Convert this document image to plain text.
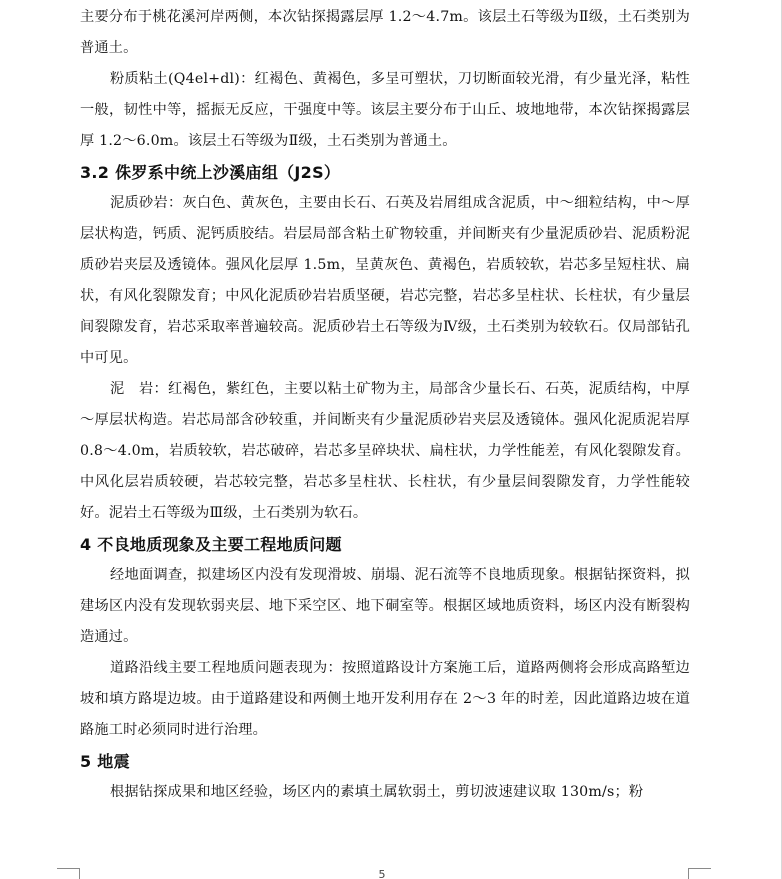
主要分布于桃花溪河岸两侧，本次钻探揭露层厚 1.2～4.7m。该层土石等级为Ⅱ级，土石类别为普通土。

粉质粘土(Q4el+dl)：红褐色、黄褐色，多呈可塑状，刀切断面较光滑，有少量光泽，粘性一般，韧性中等，摇振无反应，干强度中等。该层主要分布于山丘、坡地地带，本次钻探揭露层厚 1.2～6.0m。该层土石等级为Ⅱ级，土石类别为普通土。

3.2 侏罗系中统上沙溪庙组（J2S）

泥质砂岩：灰白色、黄灰色，主要由长石、石英及岩屑组成含泥质，中～细粒结构，中～厚层状构造，钙质、泥钙质胶结。岩层局部含粘土矿物较重，并间断夹有少量泥质砂岩、泥质粉泥质砂岩夹层及透镜体。强风化层厚 1.5m，呈黄灰色、黄褐色，岩质较软，岩芯多呈短柱状、扁状，有风化裂隙发育；中风化泥质砂岩岩质坚硬，岩芯完整，岩芯多呈柱状、长柱状，有少量层间裂隙发育，岩芯采取率普遍较高。泥质砂岩土石等级为Ⅳ级，土石类别为较软石。仅局部钻孔中可见。

泥　岩：红褐色，紫红色，主要以粘土矿物为主，局部含少量长石、石英，泥质结构，中厚～厚层状构造。岩芯局部含砂较重，并间断夹有少量泥质砂岩夹层及透镜体。强风化泥质泥岩厚 0.8～4.0m，岩质较软，岩芯破碎，岩芯多呈碎块状、扁柱状，力学性能差，有风化裂隙发育。中风化层岩质较硬，岩芯较完整，岩芯多呈柱状、长柱状，有少量层间裂隙发育，力学性能较好。泥岩土石等级为Ⅲ级，土石类别为软石。

4 不良地质现象及主要工程地质问题

经地面调查，拟建场区内没有发现滑坡、崩塌、泥石流等不良地质现象。根据钻探资料，拟建场区内没有发现软弱夹层、地下采空区、地下硐室等。根据区域地质资料，场区内没有断裂构造通过。

道路沿线主要工程地质问题表现为：按照道路设计方案施工后，道路两侧将会形成高路堑边坡和填方路堤边坡。由于道路建设和两侧土地开发利用存在 2～3 年的时差，因此道路边坡在道路施工时必须同时进行治理。

5 地震

根据钻探成果和地区经验，场区内的素填土属软弱土，剪切波速建议取 130m/s；粉

5
